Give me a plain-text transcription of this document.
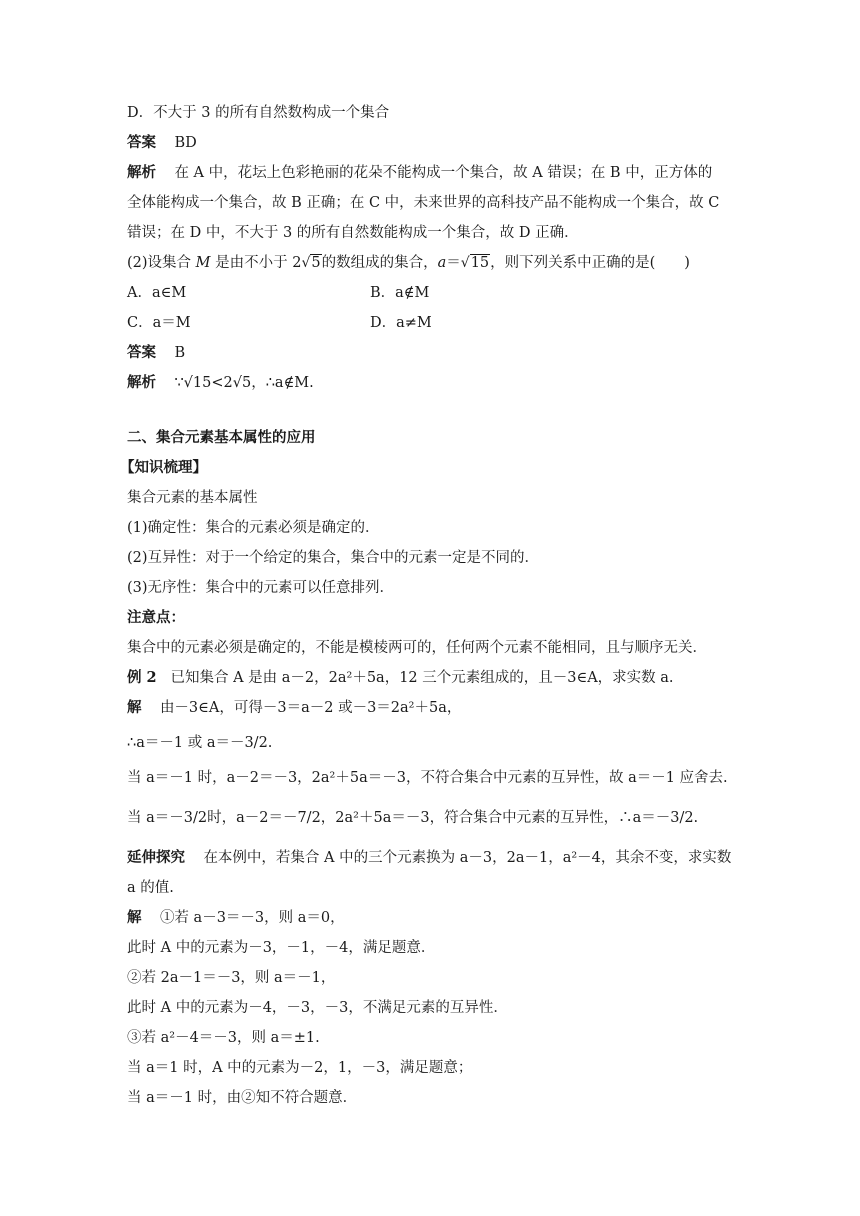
D．不大于 3 的所有自然数构成一个集合
答案 BD
解析 在 A 中，花坛上色彩艳丽的花朵不能构成一个集合，故 A 错误；在 B 中，正方体的
全体能构成一个集合，故 B 正确；在 C 中，未来世界的高科技产品不能构成一个集合，故 C
错误；在 D 中，不大于 3 的所有自然数能构成一个集合，故 D 正确．
(2)设集合 M 是由不小于 2√5的数组成的集合，a＝√15，则下列关系中正确的是(　　)
A．a∈M	B．a∉M
C．a＝M	D．a≠M
答案 B
解析 ∵√15<2√5，∴a∉M.
二、集合元素基本属性的应用
【知识梳理】
集合元素的基本属性
(1)确定性：集合的元素必须是确定的．
(2)互异性：对于一个给定的集合，集合中的元素一定是不同的．
(3)无序性：集合中的元素可以任意排列．
注意点：
集合中的元素必须是确定的，不能是模棱两可的，任何两个元素不能相同，且与顺序无关．
例 2 已知集合 A 是由 a－2，2a²＋5a，12 三个元素组成的，且－3∈A，求实数 a.
解 由－3∈A，可得－3＝a－2 或－3＝2a²＋5a，
∴a＝－1 或 a＝－3/2.
当 a＝－1 时，a－2＝－3，2a²＋5a＝－3，不符合集合中元素的互异性，故 a＝－1 应舍去.
当 a＝－3/2时，a－2＝－7/2，2a²＋5a＝－3，符合集合中元素的互异性，∴a＝－3/2.
延伸探究 在本例中，若集合 A 中的三个元素换为 a－3，2a－1，a²－4，其余不变，求实数
a 的值.
解 ①若 a－3＝－3，则 a＝0，
此时 A 中的元素为－3，－1，－4，满足题意．
②若 2a－1＝－3，则 a＝－1，
此时 A 中的元素为－4，－3，－3，不满足元素的互异性．
③若 a²－4＝－3，则 a＝±1.
当 a＝1 时，A 中的元素为－2，1，－3，满足题意；
当 a＝－1 时，由②知不符合题意．
